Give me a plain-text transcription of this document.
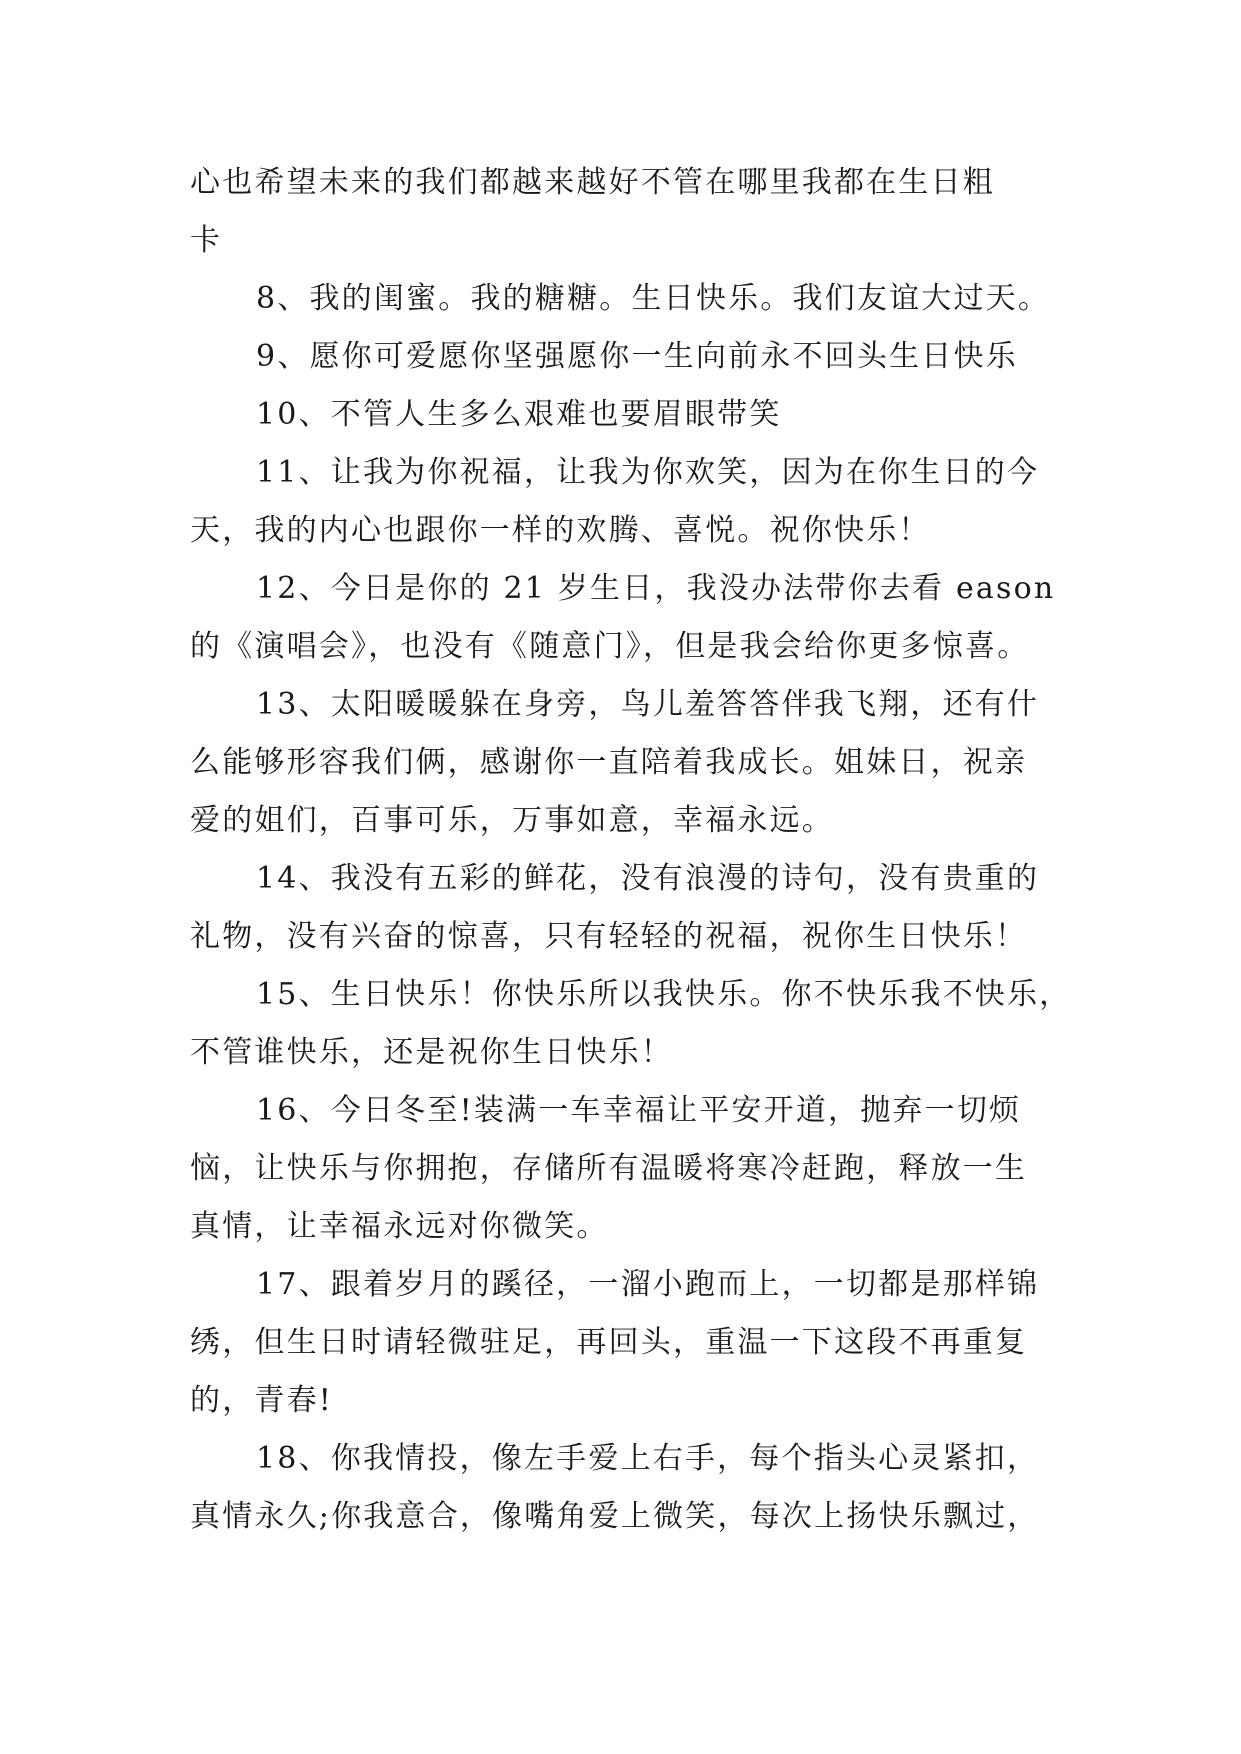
心也希望未来的我们都越来越好不管在哪里我都在生日粗
卡
8、我的闺蜜。我的糖糖。生日快乐。我们友谊大过天。
9、愿你可爱愿你坚强愿你一生向前永不回头生日快乐
10、不管人生多么艰难也要眉眼带笑
11、让我为你祝福，让我为你欢笑，因为在你生日的今
天，我的内心也跟你一样的欢腾、喜悦。祝你快乐！
12、今日是你的 21 岁生日，我没办法带你去看 eason
的《演唱会》，也没有《随意门》，但是我会给你更多惊喜。
13、太阳暖暖躲在身旁，鸟儿羞答答伴我飞翔，还有什
么能够形容我们俩，感谢你一直陪着我成长。姐妹日，祝亲
爱的姐们，百事可乐，万事如意，幸福永远。
14、我没有五彩的鲜花，没有浪漫的诗句，没有贵重的
礼物，没有兴奋的惊喜，只有轻轻的祝福，祝你生日快乐！
15、生日快乐！你快乐所以我快乐。你不快乐我不快乐，
不管谁快乐，还是祝你生日快乐！
16、今日冬至!装满一车幸福让平安开道，抛弃一切烦
恼，让快乐与你拥抱，存储所有温暖将寒冷赶跑，释放一生
真情，让幸福永远对你微笑。
17、跟着岁月的蹊径，一溜小跑而上，一切都是那样锦
绣，但生日时请轻微驻足，再回头，重温一下这段不再重复
的，青春!
18、你我情投，像左手爱上右手，每个指头心灵紧扣，
真情永久;你我意合，像嘴角爱上微笑，每次上扬快乐飘过，
